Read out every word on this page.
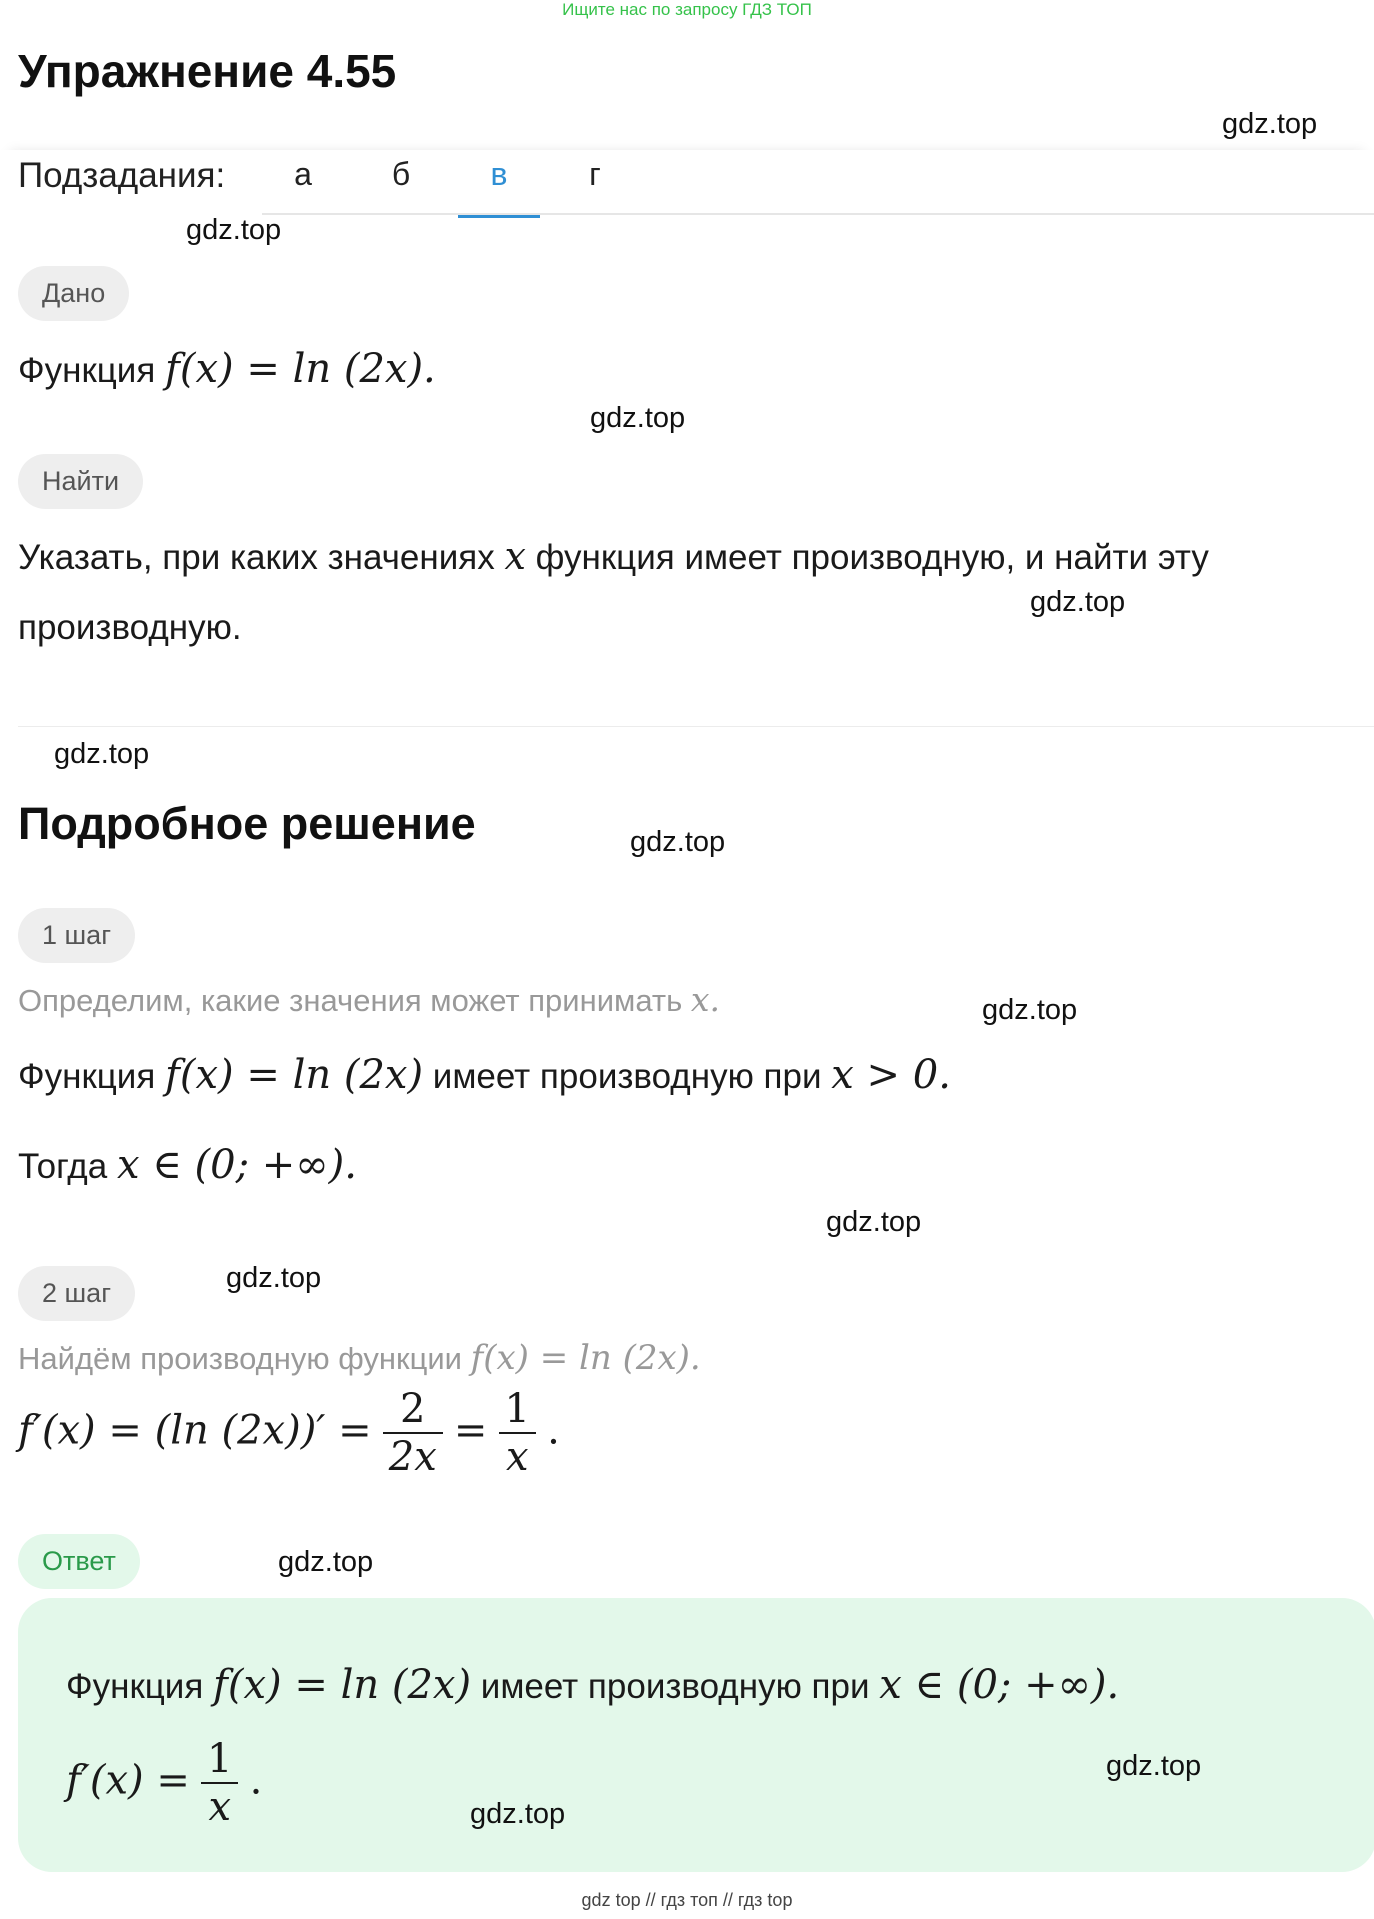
Ищите нас по запросу ГДЗ ТОП
Упражнение 4.55
Подзадания:	а	б	в	г
Дано
Функция f(x) = ln (2x).
Найти
Указать, при каких значениях x функция имеет производную, и найти эту
производную.
Подробное решение
1 шаг
Определим, какие значения может принимать x.
Функция f(x) = ln (2x) имеет производную при x > 0.
Тогда x ∈ (0; +∞).
2 шаг
Найдём производную функции f(x) = ln (2x).
f′(x) = (ln $(2x))' = \frac{2}{2x} = \frac{1}{x}$ .
Ответ
Функция f(x) = ln (2x) имеет производную при x ∈ (0; +∞).
$f'(x) = \frac{1}{x}$ .
gdz.top
gdz.top
gdz.top
gdz.top
gdz.top
gdz.top
gdz.top
gdz.top
gdz.top
gdz.top
gdz.top
gdz.top
gdz top // гдз топ // гдз top
